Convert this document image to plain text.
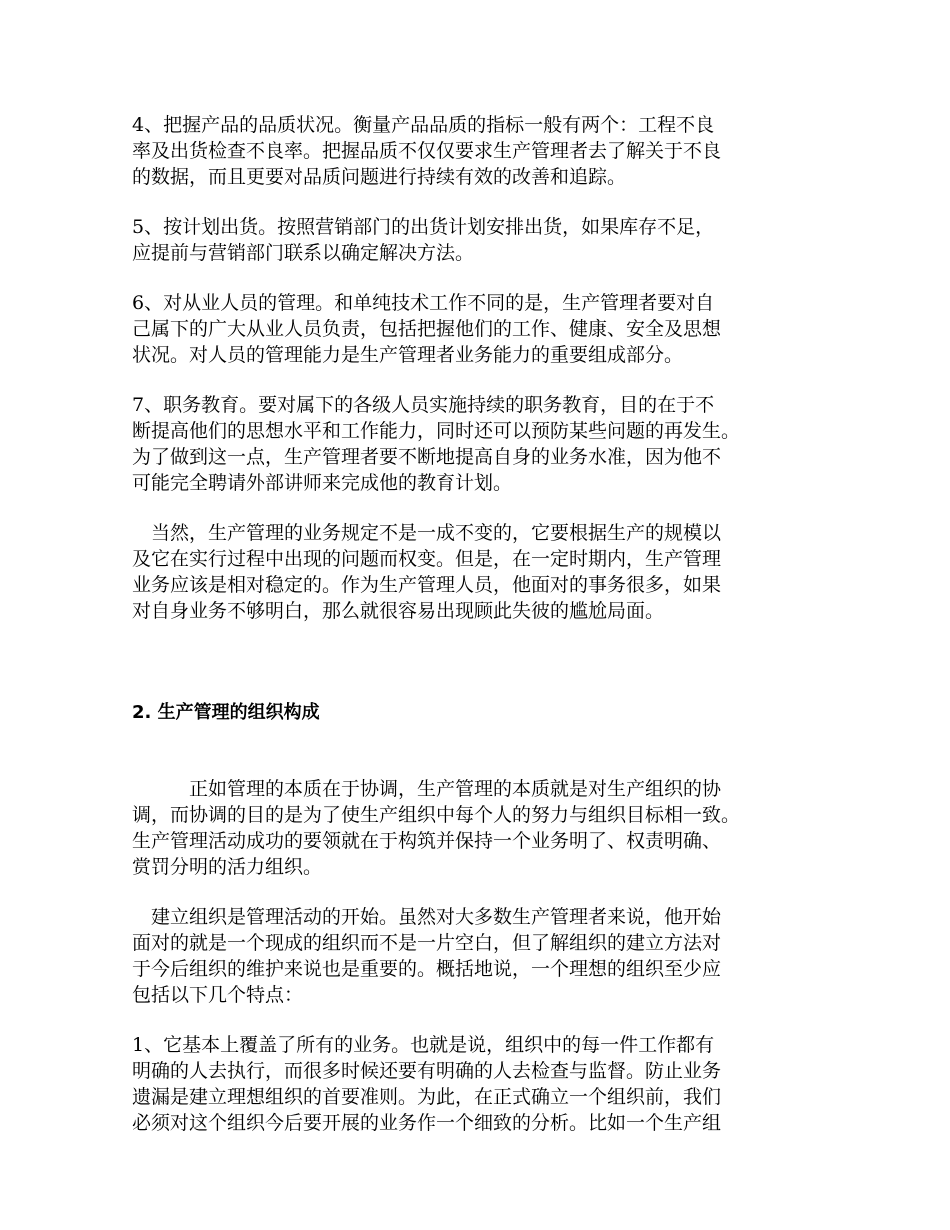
4、把握产品的品质状况。衡量产品品质的指标一般有两个：工程不良
率及出货检查不良率。把握品质不仅仅要求生产管理者去了解关于不良
的数据，而且更要对品质问题进行持续有效的改善和追踪。

5、按计划出货。按照营销部门的出货计划安排出货，如果库存不足，
应提前与营销部门联系以确定解决方法。

6、对从业人员的管理。和单纯技术工作不同的是，生产管理者要对自
己属下的广大从业人员负责，包括把握他们的工作、健康、安全及思想
状况。对人员的管理能力是生产管理者业务能力的重要组成部分。

7、职务教育。要对属下的各级人员实施持续的职务教育，目的在于不
断提高他们的思想水平和工作能力，同时还可以预防某些问题的再发生。
为了做到这一点，生产管理者要不断地提高自身的业务水准，因为他不
可能完全聘请外部讲师来完成他的教育计划。

　当然，生产管理的业务规定不是一成不变的，它要根据生产的规模以
及它在实行过程中出现的问题而权变。但是，在一定时期内，生产管理
业务应该是相对稳定的。作为生产管理人员，他面对的事务很多，如果
对自身业务不够明白，那么就很容易出现顾此失彼的尴尬局面。

2. 生产管理的组织构成

　　　正如管理的本质在于协调，生产管理的本质就是对生产组织的协
调，而协调的目的是为了使生产组织中每个人的努力与组织目标相一致。
生产管理活动成功的要领就在于构筑并保持一个业务明了、权责明确、
赏罚分明的活力组织。

　建立组织是管理活动的开始。虽然对大多数生产管理者来说，他开始
面对的就是一个现成的组织而不是一片空白，但了解组织的建立方法对
于今后组织的维护来说也是重要的。概括地说，一个理想的组织至少应
包括以下几个特点：

1、它基本上覆盖了所有的业务。也就是说，组织中的每一件工作都有
明确的人去执行，而很多时候还要有明确的人去检查与监督。防止业务
遗漏是建立理想组织的首要准则。为此，在正式确立一个组织前，我们
必须对这个组织今后要开展的业务作一个细致的分析。比如一个生产组
